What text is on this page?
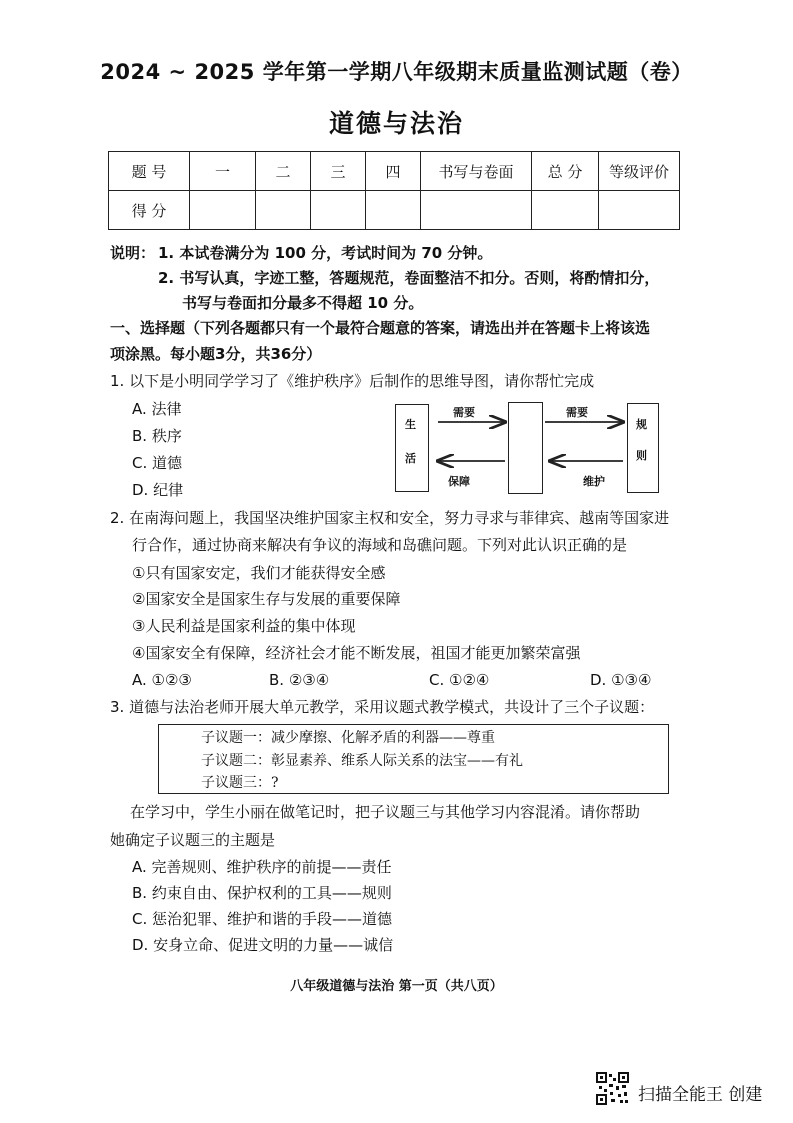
2024 ~ 2025 学年第一学期八年级期末质量监测试题（卷）
道德与法治
题 号	一	二	三	四	书写与卷面	总 分	等级评价
得 分							
说明： 1. 本试卷满分为 100 分，考试时间为 70 分钟。
2. 书写认真，字迹工整，答题规范，卷面整洁不扣分。否则，将酌情扣分，
书写与卷面扣分最多不得超 10 分。
一、选择题（下列各题都只有一个最符合题意的答案，请选出并在答题卡上将该选
项涂黑。每小题3分，共36分）
1. 以下是小明同学学习了《维护秩序》后制作的思维导图，请你帮忙完成
A. 法律
B. 秩序
C. 道德
D. 纪律
生
活
规
则
需要	需要
保障	维护
2. 在南海问题上，我国坚决维护国家主权和安全，努力寻求与菲律宾、越南等国家进
行合作，通过协商来解决有争议的海域和岛礁问题。下列对此认识正确的是
①只有国家安定，我们才能获得安全感
②国家安全是国家生存与发展的重要保障
③人民利益是国家利益的集中体现
④国家安全有保障，经济社会才能不断发展，祖国才能更加繁荣富强
A. ①②③	B. ②③④	C. ①②④	D. ①③④
3. 道德与法治老师开展大单元教学，采用议题式教学模式，共设计了三个子议题：
子议题一：减少摩擦、化解矛盾的利器——尊重
子议题二：彰显素养、维系人际关系的法宝——有礼
子议题三：?
在学习中，学生小丽在做笔记时，把子议题三与其他学习内容混淆。请你帮助
她确定子议题三的主题是
A. 完善规则、维护秩序的前提——责任
B. 约束自由、保护权利的工具——规则
C. 惩治犯罪、维护和谐的手段——道德
D. 安身立命、促进文明的力量——诚信
八年级道德与法治 第一页（共八页）
扫描全能王 创建
